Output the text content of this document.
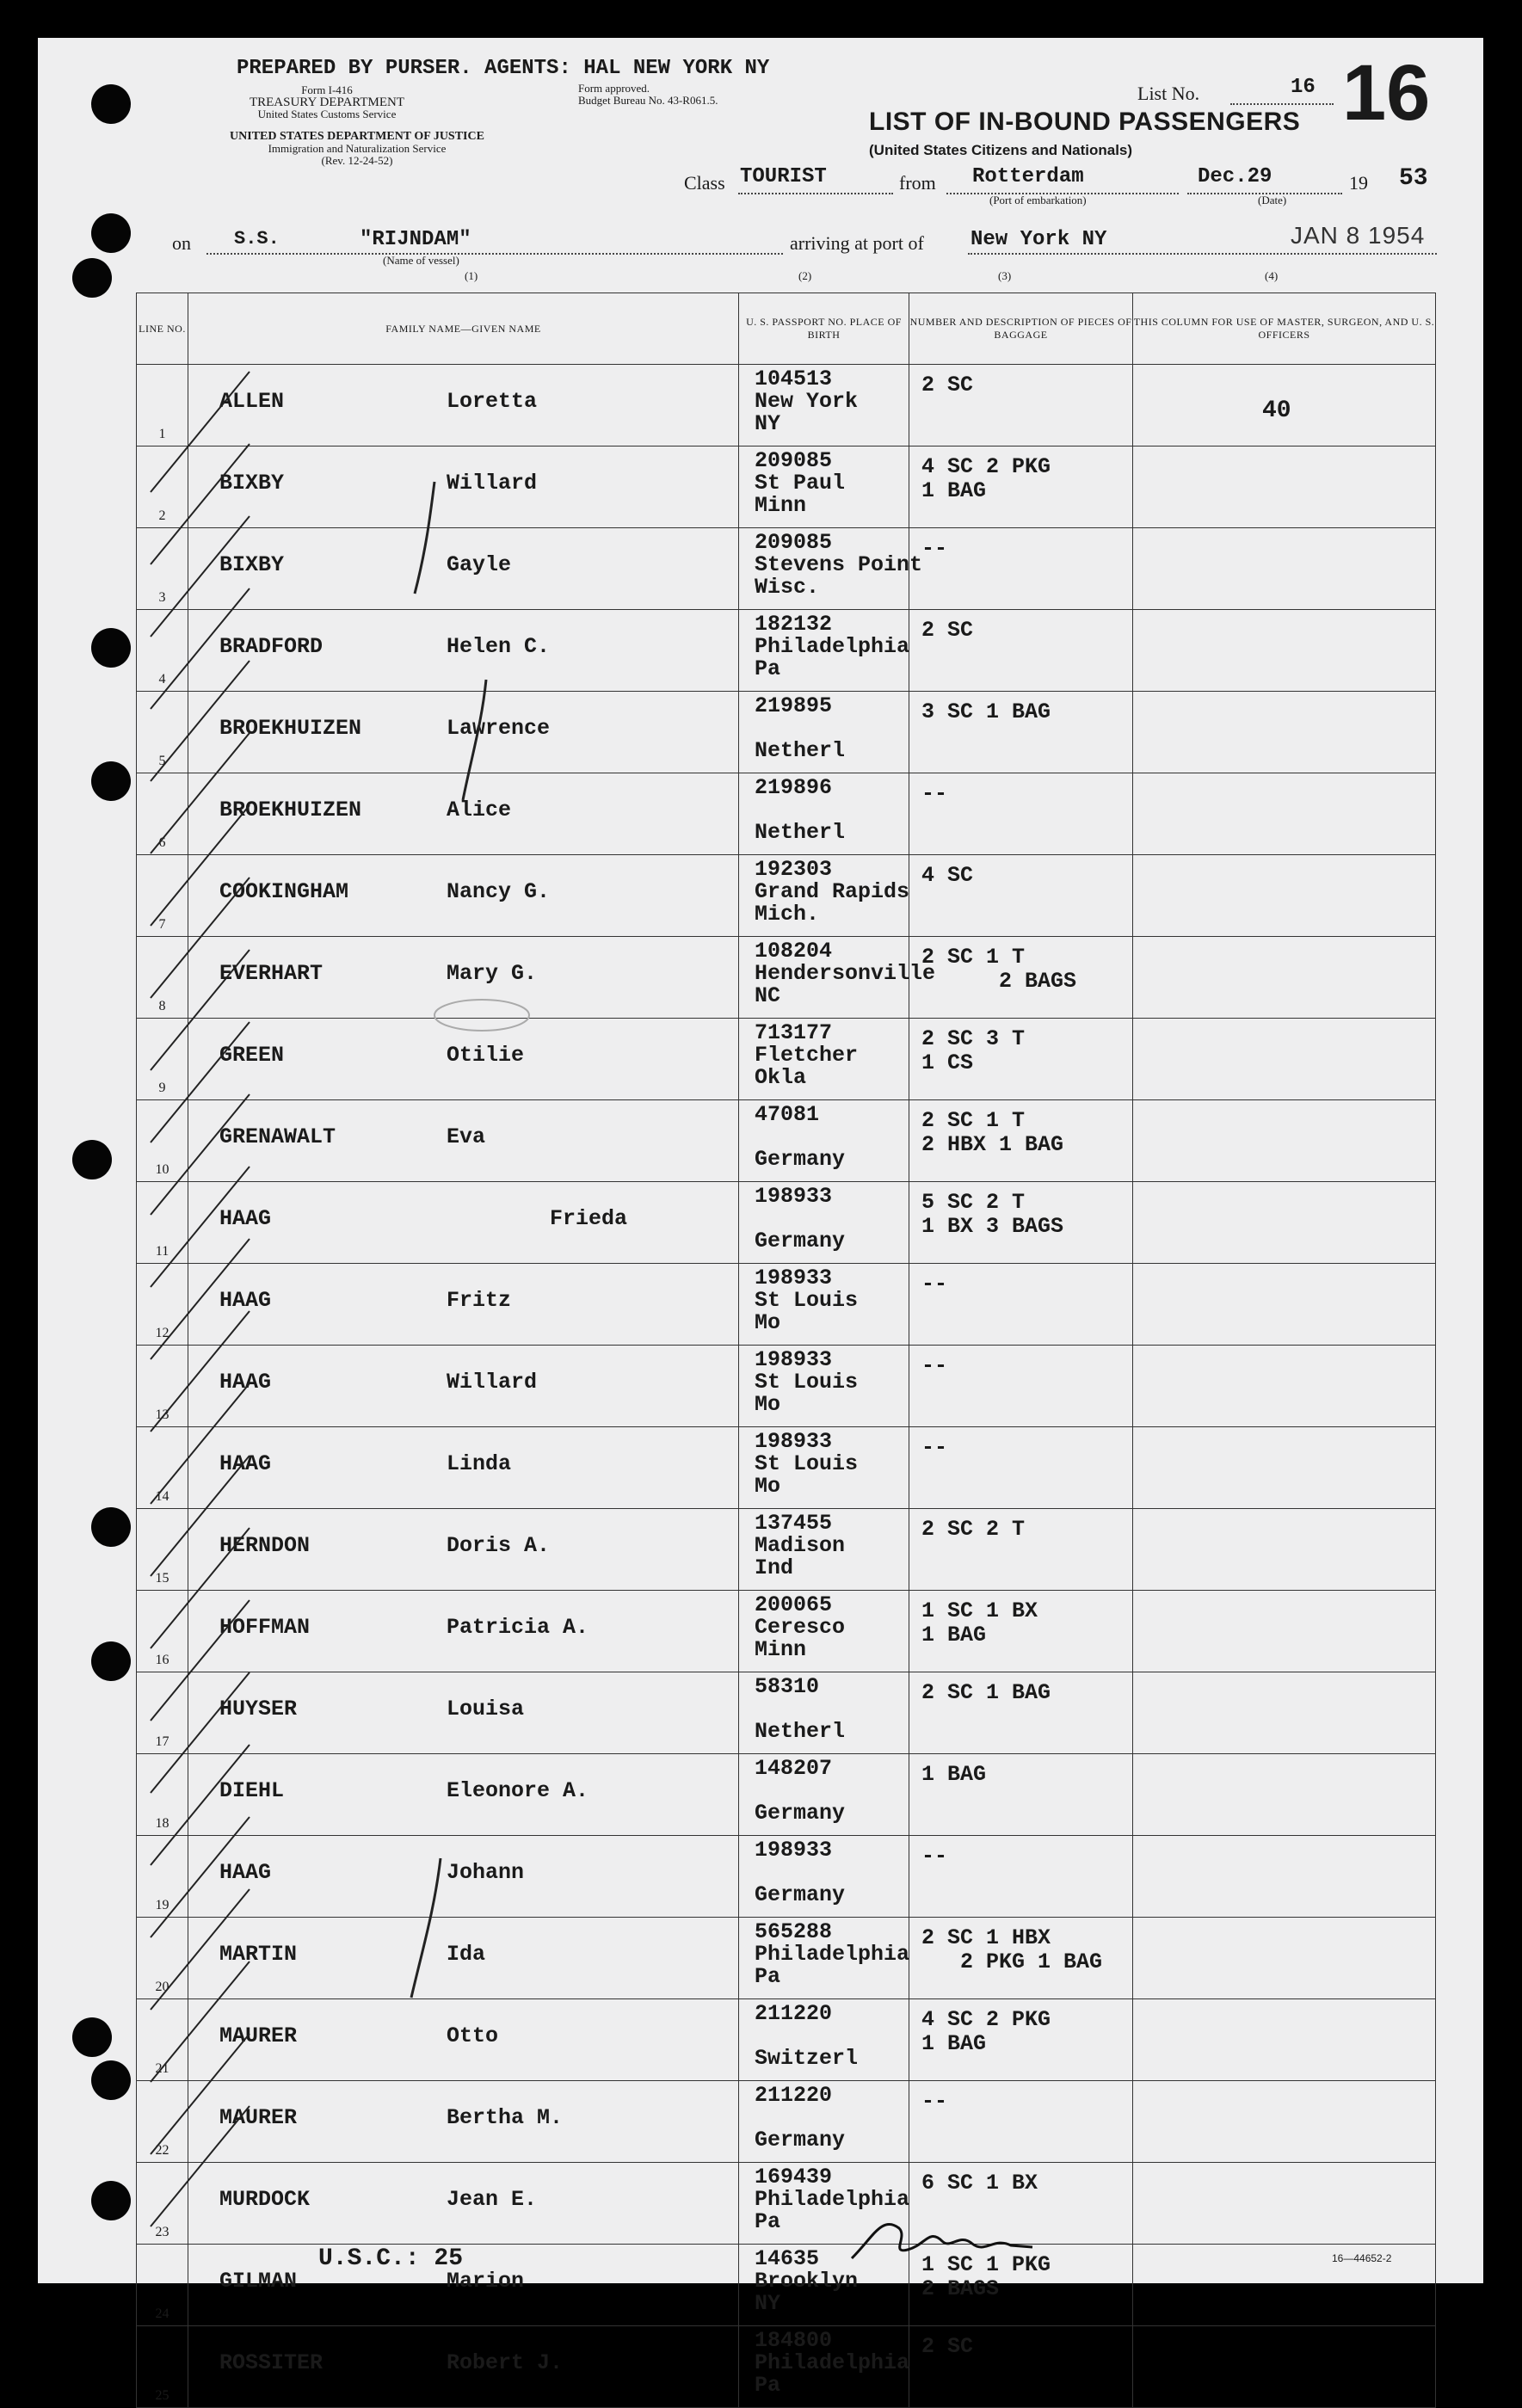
PREPARED BY PURSER. AGENTS: HAL NEW YORK NY
Form I-416
TREASURY DEPARTMENT
United States Customs Service
UNITED STATES DEPARTMENT OF JUSTICE
Immigration and Naturalization Service
(Rev. 12-24-52)
Form approved.
Budget Bureau No. 43-R061.5.	List No.	16 16
LIST OF IN-BOUND PASSENGERS
(United States Citizens and Nationals)
Class TOURIST	from Rotterdam
(Port of embarkation)
Dec.29	19 53
(Date)
on S.S.	"RIJNDAM"
(Name of vessel)
arriving at port of New York NY	JAN 8 1954
(1)	(2)	(3)	(4)
LINE NO.	FAMILY NAME—GIVEN NAME	U. S. PASSPORT NO. PLACE OF BIRTH	NUMBER AND DESCRIPTION OF PIECES OF BAGGAGE	THIS COLUMN FOR USE OF MASTER, SURGEON, AND U. S. OFFICERS
1	ALLEN Loretta	104513
New York
NY	2 SC	40

2	BIXBY Willard	209085
St Paul
Minn	4 SC 2 PKG
1 BAG	
3	BIXBY Gayle	209085
Stevens Point
Wisc.	--	
4	BRADFORD Helen C.	182132
Philadelphia
Pa	2 SC	
5	BROEKHUIZEN Lawrence	219895

Netherl	3 SC 1 BAG	
6	BROEKHUIZEN Alice	219896

Netherl	--	
7	COOKINGHAM Nancy G.	192303
Grand Rapids
Mich.	4 SC	
8	EVERHART Mary G.	108204
Hendersonville
NC	2 SC 1 T
2 BAGS	
9	GREEN Otilie	713177
Fletcher
Okla	2 SC 3 T
1 CS	
10	GRENAWALT Eva	47081

Germany	2 SC 1 T
2 HBX 1 BAG	
11	HAAG Frieda	198933

Germany	5 SC 2 T
1 BX 3 BAGS	
12	HAAG Fritz	198933
St Louis
Mo	--	
13	HAAG Willard	198933
St Louis
Mo	--	
14	HAAG Linda	198933
St Louis
Mo	--	
15	HERNDON Doris A.	137455
Madison
Ind	2 SC 2 T	
16	HOFFMAN Patricia A.	200065
Ceresco
Minn	1 SC 1 BX
1 BAG	
17	HUYSER Louisa	58310

Netherl	2 SC 1 BAG	
18	DIEHL Eleonore A.	148207

Germany	1 BAG	
19	HAAG Johann	198933

Germany	--	
20	MARTIN Ida	565288
Philadelphia
Pa	2 SC 1 HBX
2 PKG 1 BAG	
21	MAURER Otto	211220

Switzerl	4 SC 2 PKG
1 BAG	
22	MAURER Bertha M.	211220

Germany	--	
23	MURDOCK Jean E.	169439
Philadelphia
Pa	6 SC 1 BX	
24	GILMAN Marion	14635
Brooklyn
NY	1 SC 1 PKG
2 BAGS	
25	ROSSITER Robert J.	184800
Philadelphia
Pa	2 SC	
U.S.C.: 25	16—44652-2
